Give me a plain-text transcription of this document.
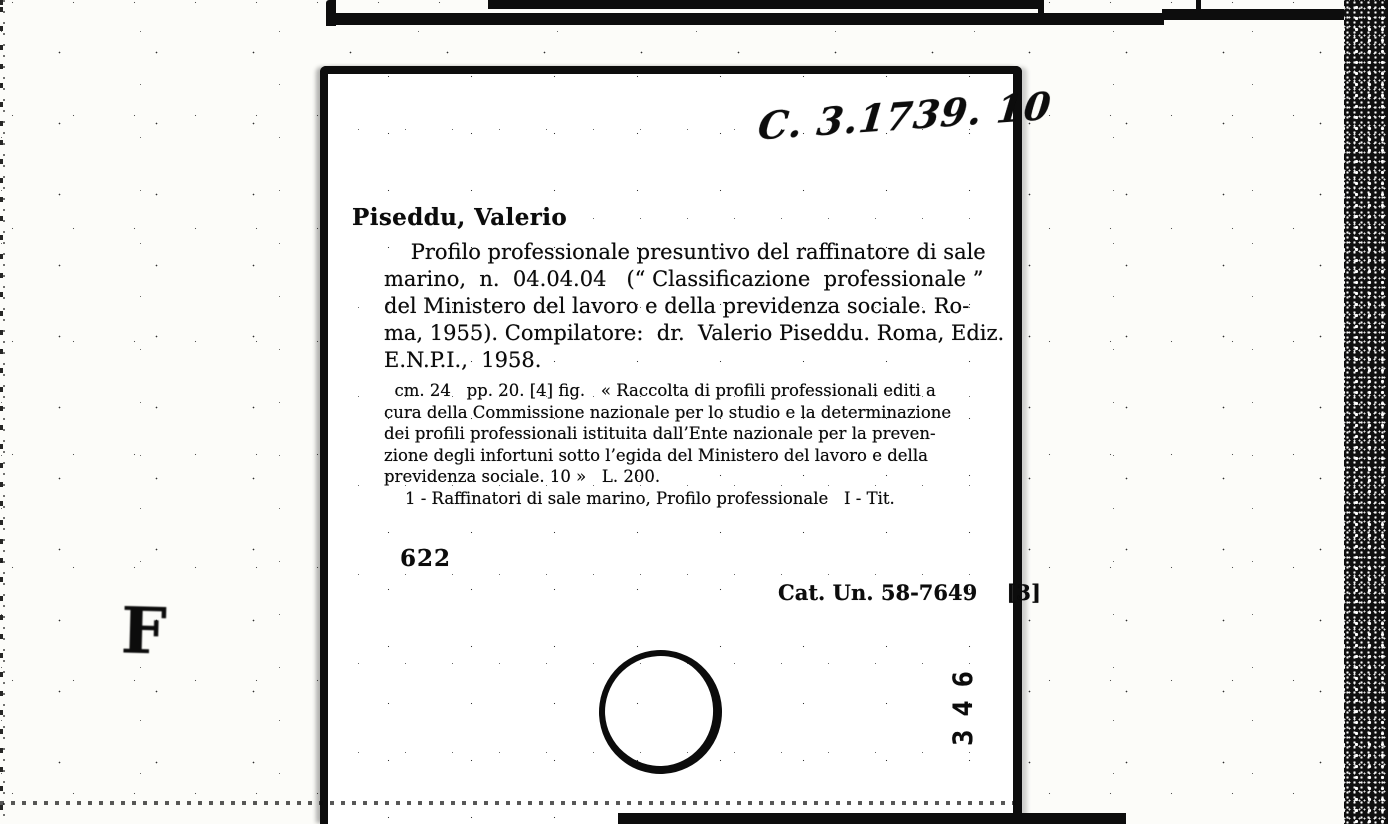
C. 3.1739. 10
Piseddu, Valerio
Profilo professionale presuntivo del raffinatore di sale
marino,  n.  04.04.04   (“ Classificazione  professionale ”
del Ministero del lavoro e della previdenza sociale. Ro-
ma, 1955). Compilatore:  dr.  Valerio Piseddu. Roma, Ediz.
E.N.P.I.,  1958.
cm. 24   pp. 20. [4] fig.   « Raccolta di profili professionali editi a
cura della Commissione nazionale per lo studio e la determinazione
dei profili professionali istituita dall’Ente nazionale per la preven-
zione degli infortuni sotto l’egida del Ministero del lavoro e della
previdenza sociale. 10 »   L. 200.
1 - Raffinatori di sale marino, Profilo professionale   I - Tit.
622
Cat. Un. 58-7649    [3]
346
F
